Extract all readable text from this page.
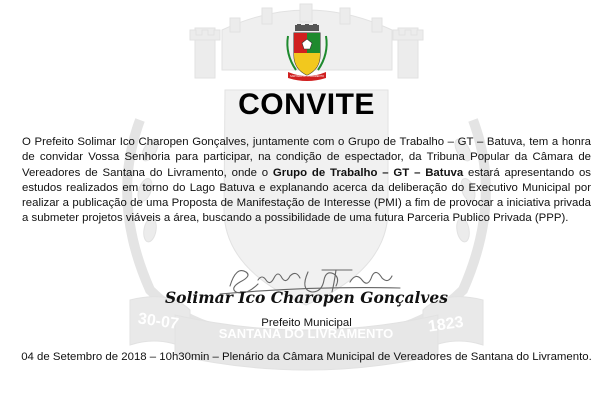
30-07	1823
SANTANA DO LIVRAMENTO
SANTANA DO LIVRAMENTO
CONVITE
O Prefeito Solimar Ico Charopen Gonçalves, juntamente com o Grupo de Trabalho – GT – Batuva, tem a honra de convidar Vossa Senhoria para participar, na condição de espectador, da Tribuna Popular da Câmara de Vereadores de Santana do Livramento, onde o Grupo de Trabalho – GT – Batuva estará apresentando os estudos realizados em torno do Lago Batuva e explanando acerca da deliberação do Executivo Municipal por realizar a publicação de uma Proposta de Manifestação de Interesse (PMI) a fim de provocar a iniciativa privada a submeter projetos viáveis a área, buscando a possibilidade de uma futura Parceria Publico Privada (PPP).
Solimar Ico Charopen Gonçalves
Prefeito Municipal
04 de Setembro de 2018 – 10h30min – Plenário da Câmara Municipal de Vereadores de Santana do Livramento.
